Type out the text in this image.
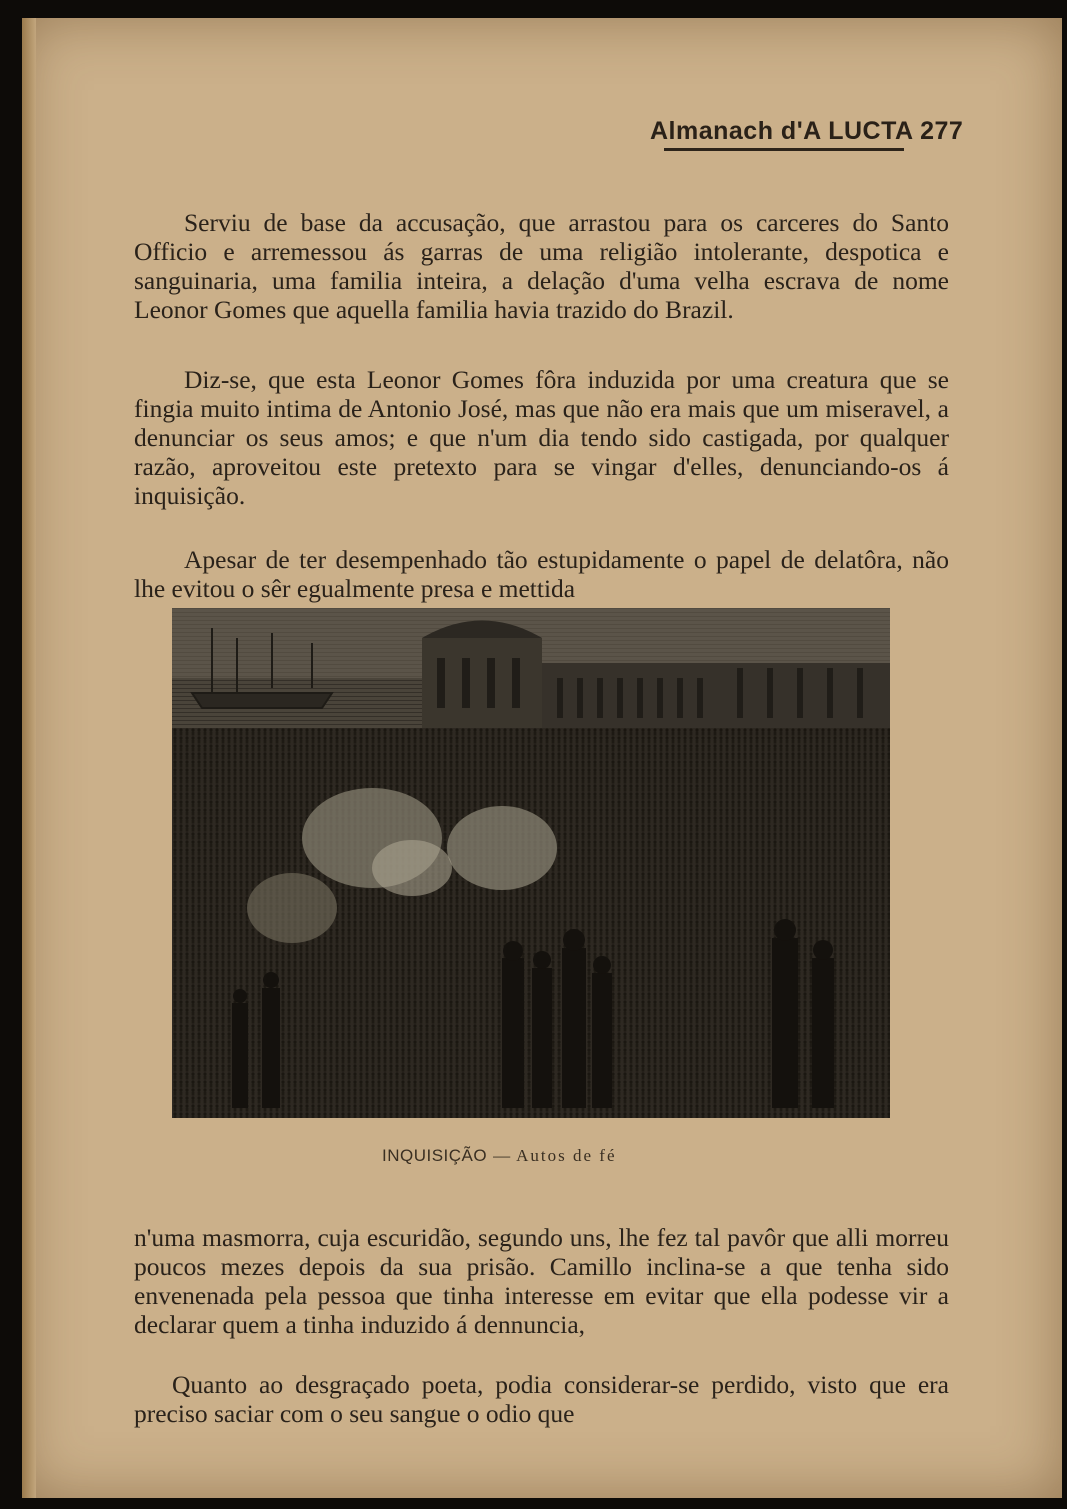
Almanach d'A LUCTA 277

Serviu de base da accusação, que arrastou para os carceres do Santo Officio e arremessou ás garras de uma religião intolerante, despotica e sanguinaria, uma familia inteira, a delação d'uma velha escrava de nome Leonor Gomes que aquella familia havia trazido do Brazil.

Diz-se, que esta Leonor Gomes fôra induzida por uma creatura que se fingia muito intima de Antonio José, mas que não era mais que um miseravel, a denunciar os seus amos; e que n'um dia tendo sido castigada, por qualquer razão, aproveitou este pretexto para se vingar d'elles, denunciando-os á inquisição.

Apesar de ter desempenhado tão estupidamente o papel de delatôra, não lhe evitou o sêr egualmente presa e mettida

INQUISIÇÃO — Autos de fé

n'uma masmorra, cuja escuridão, segundo uns, lhe fez tal pavôr que alli morreu poucos mezes depois da sua prisão. Camillo inclina-se a que tenha sido envenenada pela pessoa que tinha interesse em evitar que ella podesse vir a declarar quem a tinha induzido á dennuncia,

Quanto ao desgraçado poeta, podia considerar-se perdido, visto que era preciso saciar com o seu sangue o odio que
